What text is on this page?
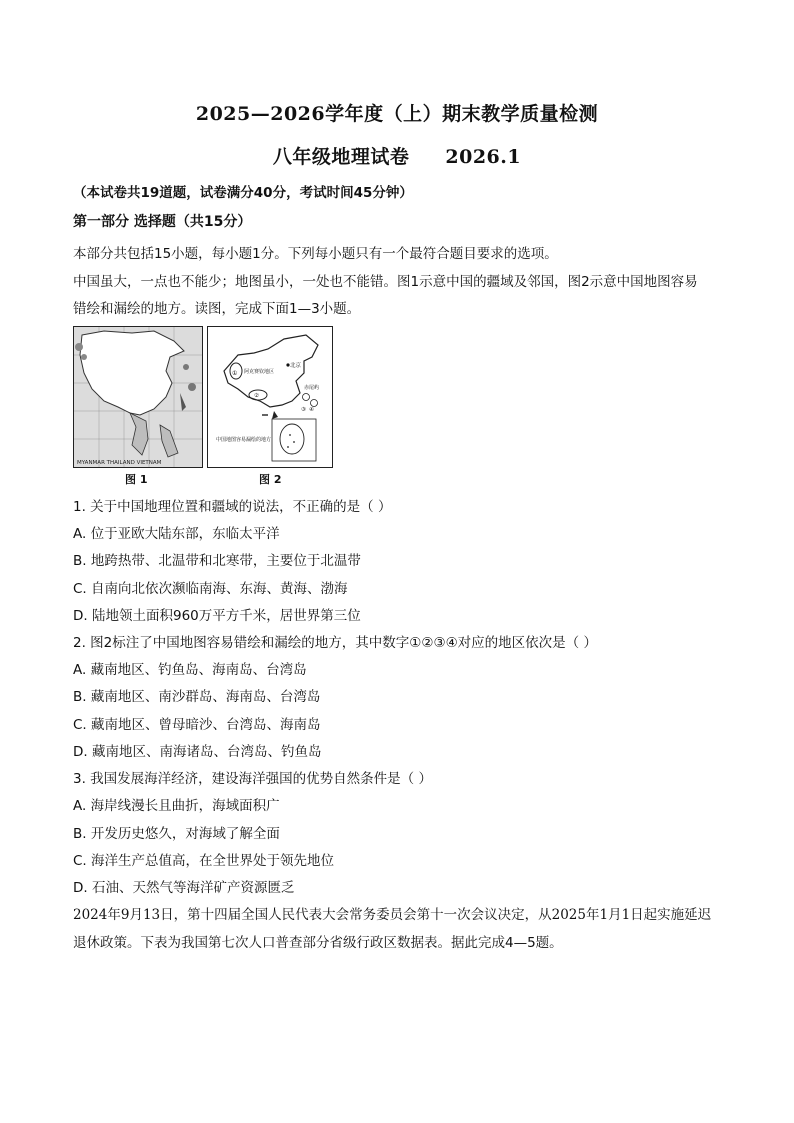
2025—2026学年度（上）期末教学质量检测
八年级地理试卷 2026.1
（本试卷共19道题，试卷满分40分，考试时间45分钟）
第一部分 选择题（共15分）
本部分共包括15小题，每小题1分。下列每小题只有一个最符合题目要求的选项。
中国虽大，一点也不能少；地图虽小，一处也不能错。图1示意中国的疆域及邻国，图2示意中国地图容易
错绘和漏绘的地方。读图，完成下面1—3小题。
MYANMAR THAILAND VIETNAM
图 1
① 阿克赛钦地区
北京
②
赤尾屿
③ ④
中国地图容易漏绘的地方
图 2
1. 关于中国地理位置和疆域的说法，不正确的是（ ）
A. 位于亚欧大陆东部，东临太平洋
B. 地跨热带、北温带和北寒带，主要位于北温带
C. 自南向北依次濒临南海、东海、黄海、渤海
D. 陆地领土面积960万平方千米，居世界第三位
2. 图2标注了中国地图容易错绘和漏绘的地方，其中数字①②③④对应的地区依次是（ ）
A. 藏南地区、钓鱼岛、海南岛、台湾岛
B. 藏南地区、南沙群岛、海南岛、台湾岛
C. 藏南地区、曾母暗沙、台湾岛、海南岛
D. 藏南地区、南海诸岛、台湾岛、钓鱼岛
3. 我国发展海洋经济，建设海洋强国的优势自然条件是（ ）
A. 海岸线漫长且曲折，海域面积广
B. 开发历史悠久，对海域了解全面
C. 海洋生产总值高，在全世界处于领先地位
D. 石油、天然气等海洋矿产资源匮乏
2024年9月13日，第十四届全国人民代表大会常务委员会第十一次会议决定，从2025年1月1日起实施延迟
退休政策。下表为我国第七次人口普查部分省级行政区数据表。据此完成4—5题。
